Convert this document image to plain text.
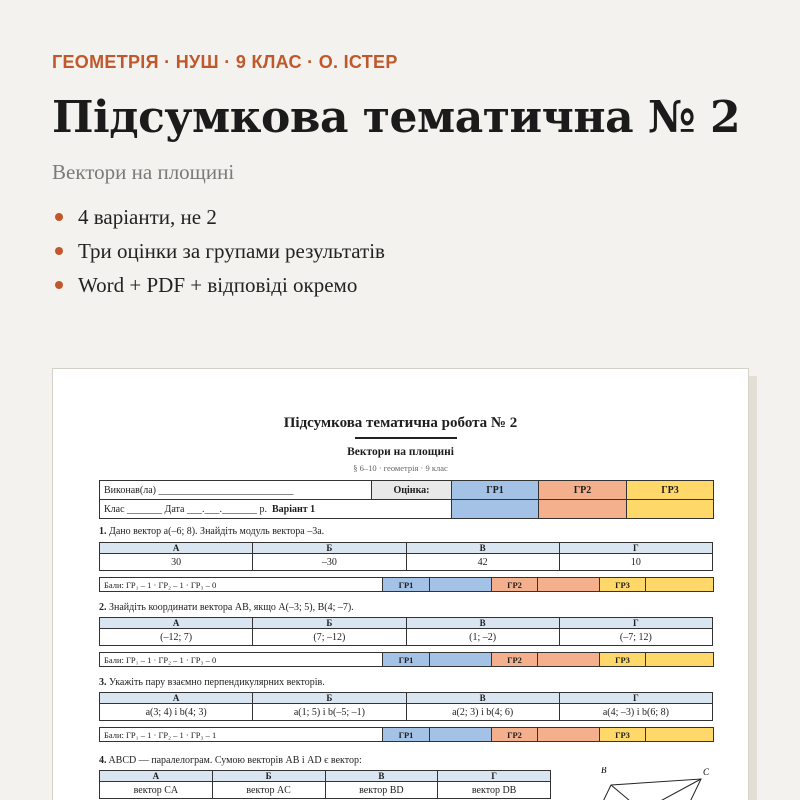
ГЕОМЕТРІЯ · НУШ · 9 КЛАС · О. ІСТЕР
Підсумкова тематична № 2
Вектори на площині
4 варіанти, не 2
Три оцінки за групами результатів
Word + PDF + відповіді окремо
Підсумкова тематична робота № 2
Вектори на площині
§ 6–10 · геометрія · 9 клас
Виконав(ла) ___________________________	Оцінка:	ГР1	ГР2	ГР3
Клас _______ Дата ___.___._______ р. Варіант 1				
1. Дано вектор a(–6; 8). Знайдіть модуль вектора –3a.
А	Б	В	Г
30	–30	42	10
Бали: ГР₁ – 1 · ГР₂ – 1 · ГР₃ – 0	ГР1		ГР2		ГР3	
2. Знайдіть координати вектора AB, якщо A(–3; 5), B(4; –7).
А	Б	В	Г
(–12; 7)	(7; –12)	(1; –2)	(–7; 12)
Бали: ГР₁ – 1 · ГР₂ – 1 · ГР₃ – 0	ГР1		ГР2		ГР3	
3. Укажіть пару взаємно перпендикулярних векторів.
А	Б	В	Г
a(3; 4) і b(4; 3)	a(1; 5) і b(–5; –1)	a(2; 3) і b(4; 6)	a(4; –3) і b(6; 8)
Бали: ГР₁ – 1 · ГР₂ – 1 · ГР₃ – 1	ГР1		ГР2		ГР3	
4. ABCD — паралелограм. Сумою векторів AB і AD є вектор:
А	Б	В	Г
вектор CA	вектор AC	вектор BD	вектор DB
B	C
